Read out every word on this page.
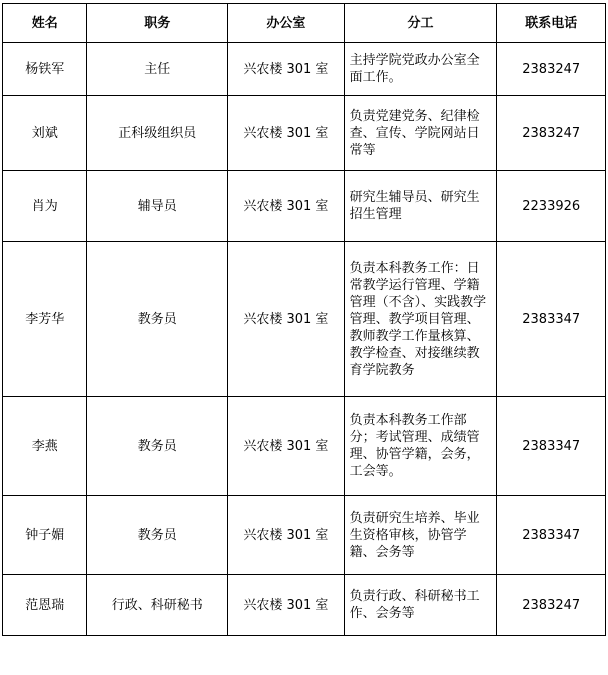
姓名	职务	办公室	分工	联系电话
杨铁军	主任	兴农楼 301 室	主持学院党政办公室全面工作。	2383247
刘斌	正科级组织员	兴农楼 301 室	负责党建党务、纪律检查、宣传、学院网站日常等	2383247
肖为	辅导员	兴农楼 301 室	研究生辅导员、研究生招生管理	2233926
李芳华	教务员	兴农楼 301 室	负责本科教务工作：日常教学运行管理、学籍管理（不含）、实践教学管理、教学项目管理、教师教学工作量核算、教学检查、对接继续教育学院教务	2383347
李燕	教务员	兴农楼 301 室	负责本科教务工作部分；考试管理、成绩管理、协管学籍，会务，工会等。	2383347
钟子媚	教务员	兴农楼 301 室	负责研究生培养、毕业生资格审核，协管学籍、会务等	2383347
范恩瑞	行政、科研秘书	兴农楼 301 室	负责行政、科研秘书工作、会务等	2383247
